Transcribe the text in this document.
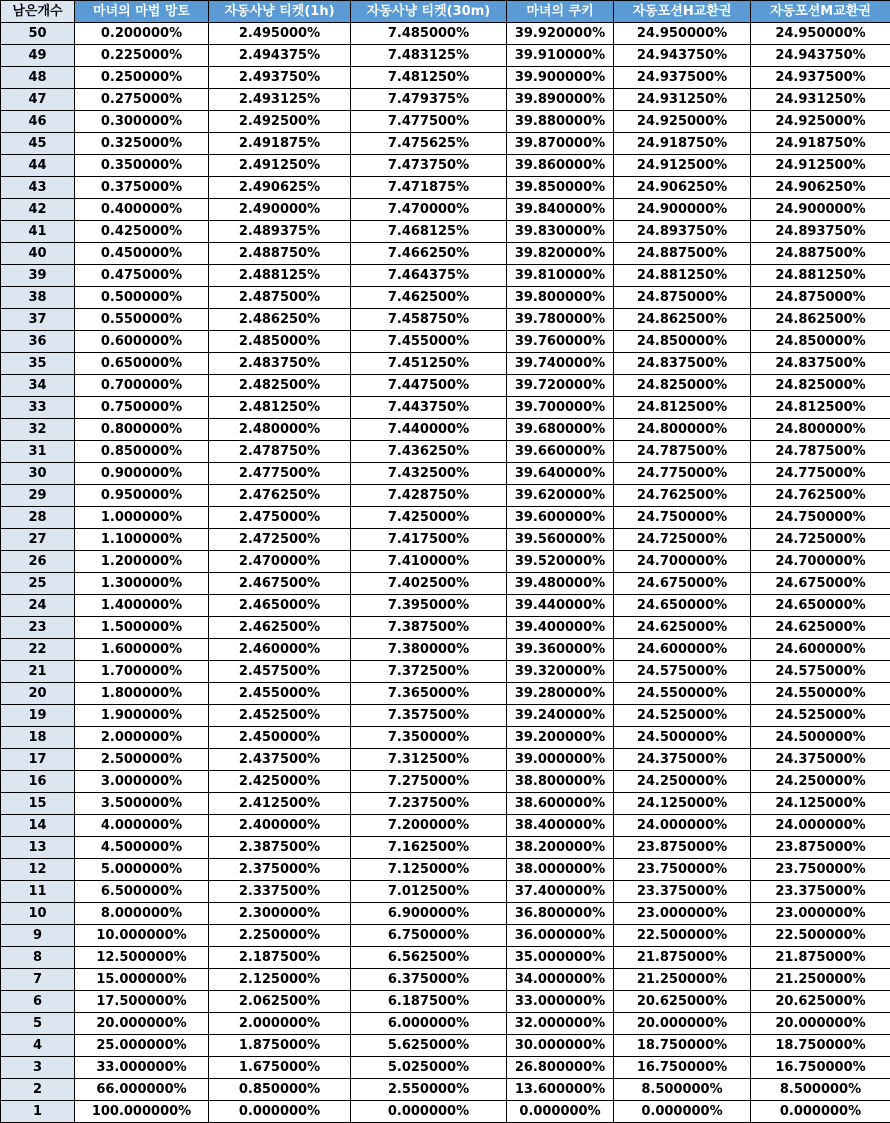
남은개수	마녀의 마법 망토	자동사냥 티켓(1h)	자동사냥 티켓(30m)	마녀의 쿠키	자동포션H교환권	자동포션M교환권
50	0.200000%	2.495000%	7.485000%	39.920000%	24.950000%	24.950000%
49	0.225000%	2.494375%	7.483125%	39.910000%	24.943750%	24.943750%
48	0.250000%	2.493750%	7.481250%	39.900000%	24.937500%	24.937500%
47	0.275000%	2.493125%	7.479375%	39.890000%	24.931250%	24.931250%
46	0.300000%	2.492500%	7.477500%	39.880000%	24.925000%	24.925000%
45	0.325000%	2.491875%	7.475625%	39.870000%	24.918750%	24.918750%
44	0.350000%	2.491250%	7.473750%	39.860000%	24.912500%	24.912500%
43	0.375000%	2.490625%	7.471875%	39.850000%	24.906250%	24.906250%
42	0.400000%	2.490000%	7.470000%	39.840000%	24.900000%	24.900000%
41	0.425000%	2.489375%	7.468125%	39.830000%	24.893750%	24.893750%
40	0.450000%	2.488750%	7.466250%	39.820000%	24.887500%	24.887500%
39	0.475000%	2.488125%	7.464375%	39.810000%	24.881250%	24.881250%
38	0.500000%	2.487500%	7.462500%	39.800000%	24.875000%	24.875000%
37	0.550000%	2.486250%	7.458750%	39.780000%	24.862500%	24.862500%
36	0.600000%	2.485000%	7.455000%	39.760000%	24.850000%	24.850000%
35	0.650000%	2.483750%	7.451250%	39.740000%	24.837500%	24.837500%
34	0.700000%	2.482500%	7.447500%	39.720000%	24.825000%	24.825000%
33	0.750000%	2.481250%	7.443750%	39.700000%	24.812500%	24.812500%
32	0.800000%	2.480000%	7.440000%	39.680000%	24.800000%	24.800000%
31	0.850000%	2.478750%	7.436250%	39.660000%	24.787500%	24.787500%
30	0.900000%	2.477500%	7.432500%	39.640000%	24.775000%	24.775000%
29	0.950000%	2.476250%	7.428750%	39.620000%	24.762500%	24.762500%
28	1.000000%	2.475000%	7.425000%	39.600000%	24.750000%	24.750000%
27	1.100000%	2.472500%	7.417500%	39.560000%	24.725000%	24.725000%
26	1.200000%	2.470000%	7.410000%	39.520000%	24.700000%	24.700000%
25	1.300000%	2.467500%	7.402500%	39.480000%	24.675000%	24.675000%
24	1.400000%	2.465000%	7.395000%	39.440000%	24.650000%	24.650000%
23	1.500000%	2.462500%	7.387500%	39.400000%	24.625000%	24.625000%
22	1.600000%	2.460000%	7.380000%	39.360000%	24.600000%	24.600000%
21	1.700000%	2.457500%	7.372500%	39.320000%	24.575000%	24.575000%
20	1.800000%	2.455000%	7.365000%	39.280000%	24.550000%	24.550000%
19	1.900000%	2.452500%	7.357500%	39.240000%	24.525000%	24.525000%
18	2.000000%	2.450000%	7.350000%	39.200000%	24.500000%	24.500000%
17	2.500000%	2.437500%	7.312500%	39.000000%	24.375000%	24.375000%
16	3.000000%	2.425000%	7.275000%	38.800000%	24.250000%	24.250000%
15	3.500000%	2.412500%	7.237500%	38.600000%	24.125000%	24.125000%
14	4.000000%	2.400000%	7.200000%	38.400000%	24.000000%	24.000000%
13	4.500000%	2.387500%	7.162500%	38.200000%	23.875000%	23.875000%
12	5.000000%	2.375000%	7.125000%	38.000000%	23.750000%	23.750000%
11	6.500000%	2.337500%	7.012500%	37.400000%	23.375000%	23.375000%
10	8.000000%	2.300000%	6.900000%	36.800000%	23.000000%	23.000000%
9	10.000000%	2.250000%	6.750000%	36.000000%	22.500000%	22.500000%
8	12.500000%	2.187500%	6.562500%	35.000000%	21.875000%	21.875000%
7	15.000000%	2.125000%	6.375000%	34.000000%	21.250000%	21.250000%
6	17.500000%	2.062500%	6.187500%	33.000000%	20.625000%	20.625000%
5	20.000000%	2.000000%	6.000000%	32.000000%	20.000000%	20.000000%
4	25.000000%	1.875000%	5.625000%	30.000000%	18.750000%	18.750000%
3	33.000000%	1.675000%	5.025000%	26.800000%	16.750000%	16.750000%
2	66.000000%	0.850000%	2.550000%	13.600000%	8.500000%	8.500000%
1	100.000000%	0.000000%	0.000000%	0.000000%	0.000000%	0.000000%
